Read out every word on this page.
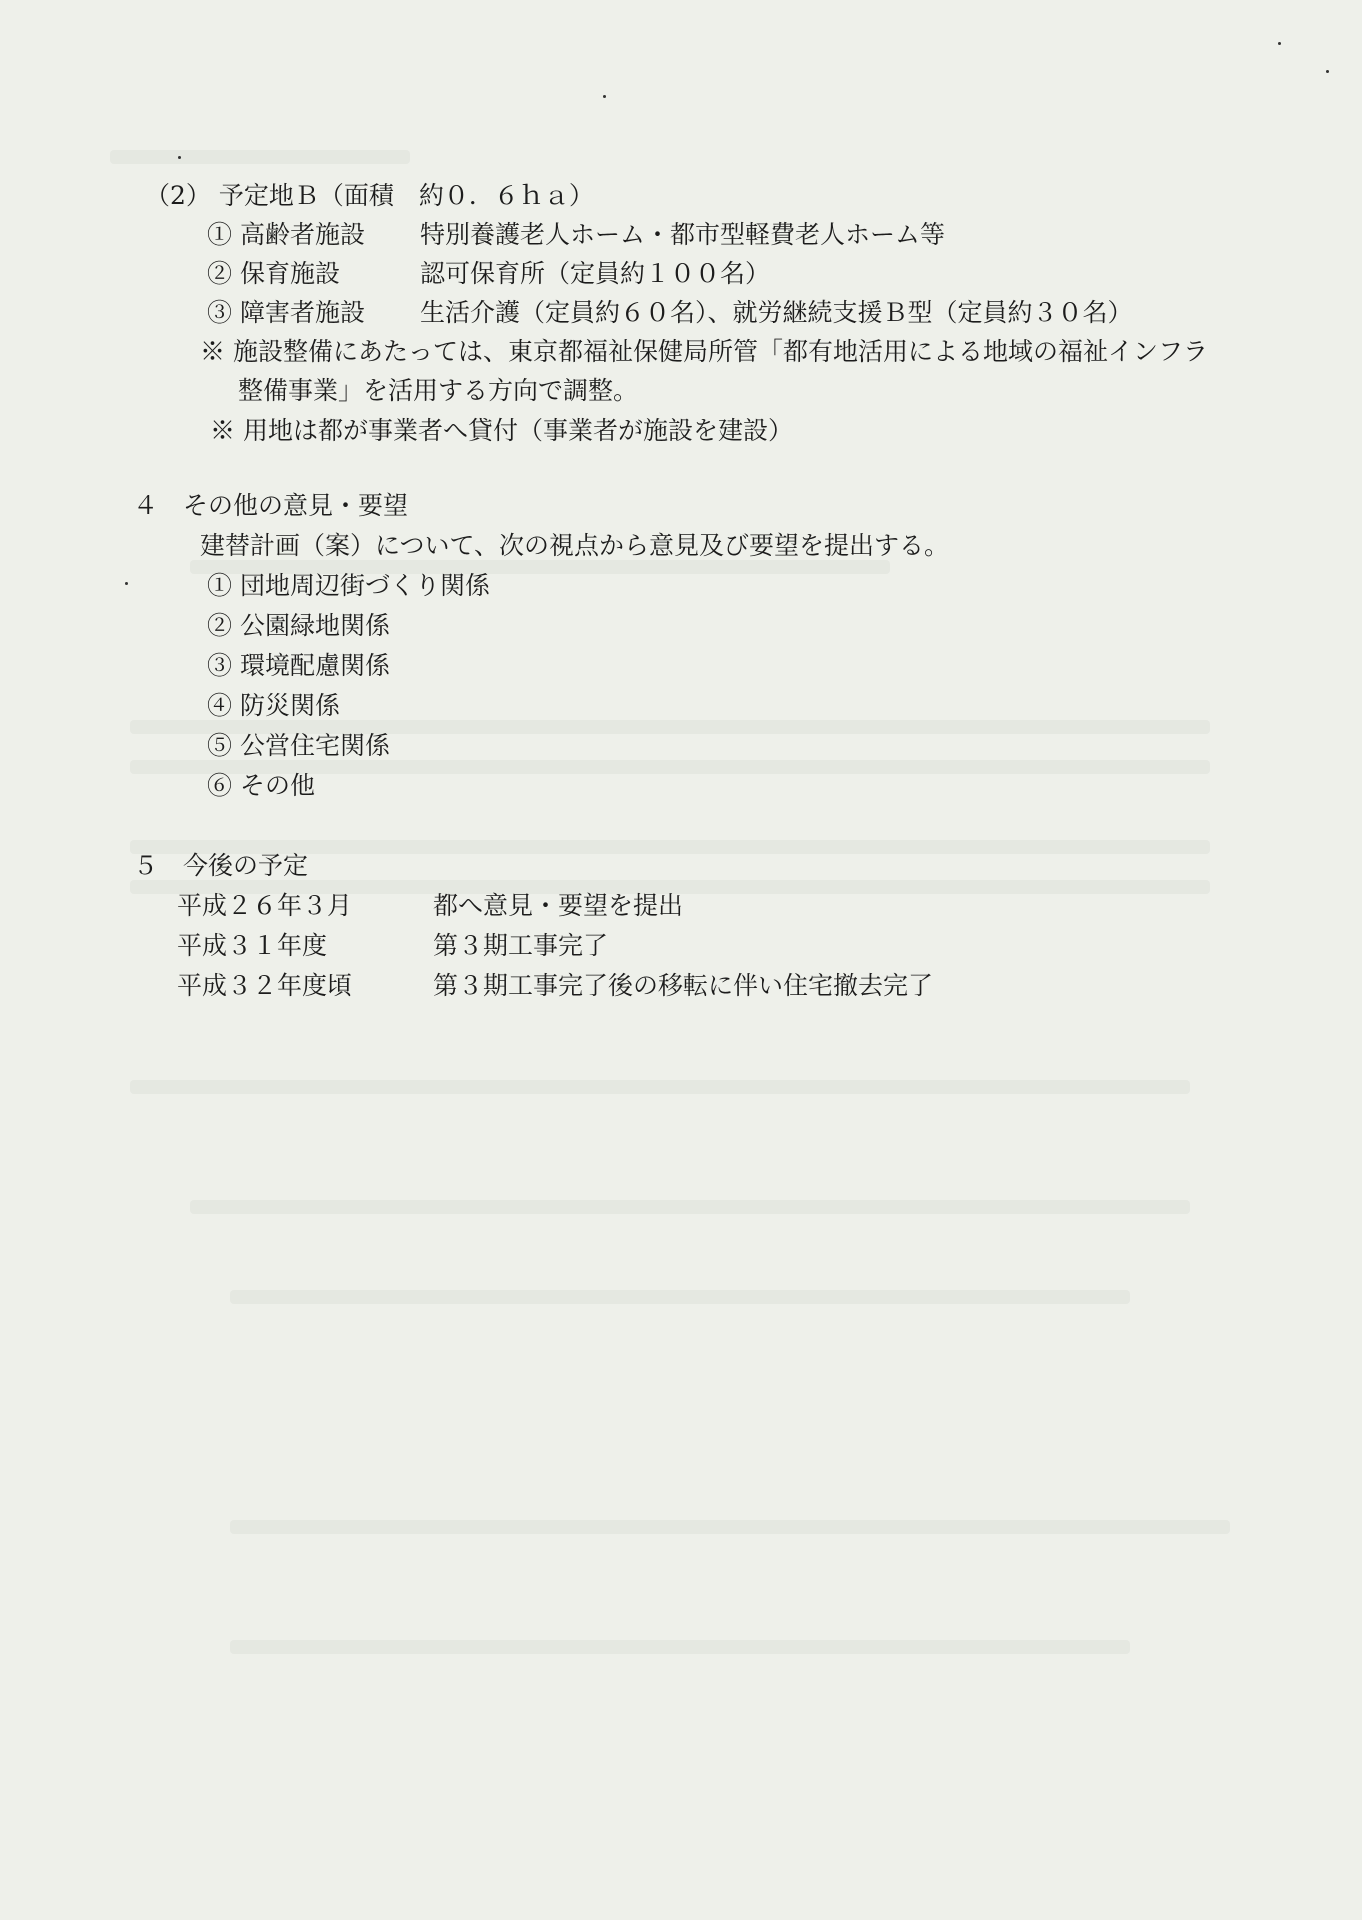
（2） 予定地Ｂ（面積　約０．６ｈａ）
① 高齢者施設 特別養護老人ホーム・都市型軽費老人ホーム等
② 保育施設	認可保育所（定員約１００名）
③ 障害者施設 生活介護（定員約６０名）、就労継続支援Ｂ型（定員約３０名）
※ 施設整備にあたっては、東京都福祉保健局所管「都有地活用による地域の福祉インフラ
整備事業」を活用する方向で調整。
※ 用地は都が事業者へ貸付（事業者が施設を建設）
４　その他の意見・要望
建替計画（案）について、次の視点から意見及び要望を提出する。
① 団地周辺街づくり関係
② 公園緑地関係
③ 環境配慮関係
④ 防災関係
⑤ 公営住宅関係
⑥ その他
５　今後の予定
平成２６年３月	都へ意見・要望を提出
平成３１年度	第３期工事完了
平成３２年度頃	第３期工事完了後の移転に伴い住宅撤去完了
